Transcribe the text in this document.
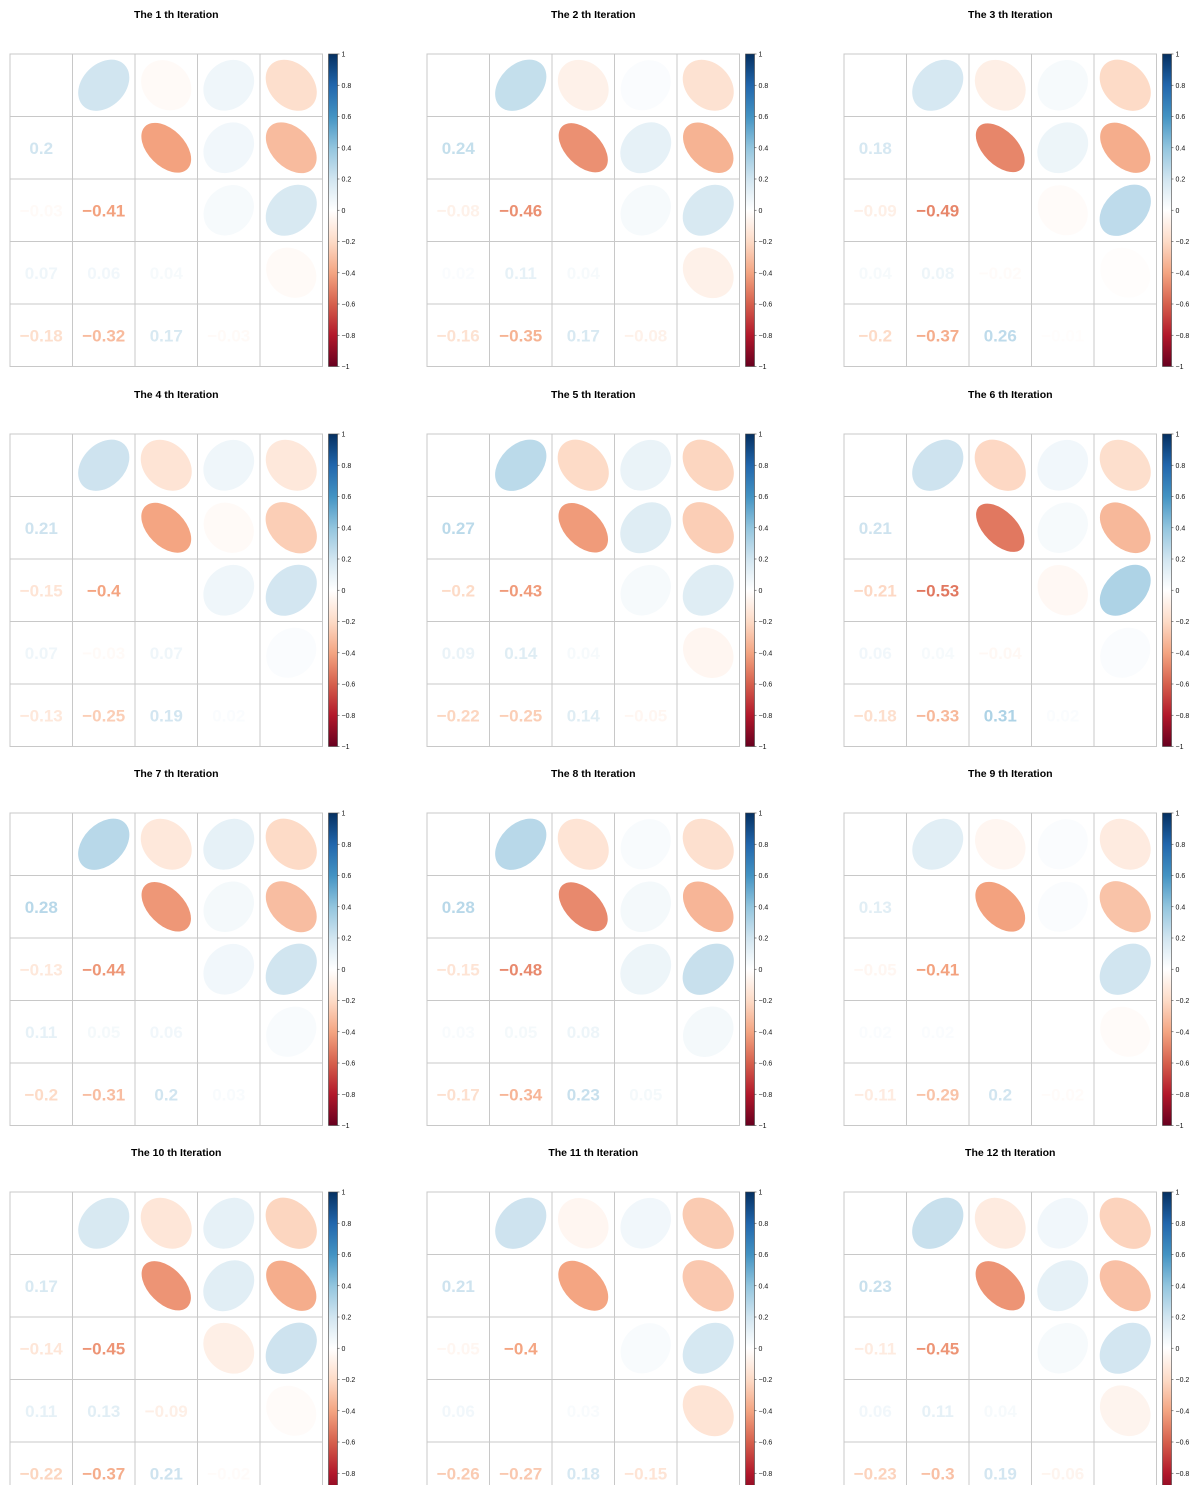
The 1 th Iteration
0.2
−0.03 −0.41
0.07 0.06 0.04
−0.18 −0.32 0.17 −0.03
1
0.8
0.6
0.4
0.2
0
−0.2
−0.4
−0.6
−0.8
−1
The 2 th Iteration
0.24
−0.08 −0.46
0.02 0.11 0.04
−0.16 −0.35 0.17 −0.08
1
0.8
0.6
0.4
0.2
0
−0.2
−0.4
−0.6
−0.8
−1
The 3 th Iteration
0.18
−0.09 −0.49
0.04 0.08 −0.02
−0.2 −0.37 0.26 −0.01
1
0.8
0.6
0.4
0.2
0
−0.2
−0.4
−0.6
−0.8
−1
The 4 th Iteration
0.21
−0.15 −0.4
0.07 −0.03 0.07
−0.13 −0.25 0.19 0.02
1
0.8
0.6
0.4
0.2
0
−0.2
−0.4
−0.6
−0.8
−1
The 5 th Iteration
0.27
−0.2 −0.43
0.09 0.14 0.04
−0.22 −0.25 0.14 −0.05
1
0.8
0.6
0.4
0.2
0
−0.2
−0.4
−0.6
−0.8
−1
The 6 th Iteration
0.21
−0.21 −0.53
0.06 0.04 −0.04
−0.18 −0.33 0.31 0.02
1
0.8
0.6
0.4
0.2
0
−0.2
−0.4
−0.6
−0.8
−1
The 7 th Iteration
0.28
−0.13 −0.44
0.11 0.05 0.06
−0.2 −0.31 0.2 0.03
1
0.8
0.6
0.4
0.2
0
−0.2
−0.4
−0.6
−0.8
−1
The 8 th Iteration
0.28
−0.15 −0.48
0.03 0.05 0.08
−0.17 −0.34 0.23 0.05
1
0.8
0.6
0.4
0.2
0
−0.2
−0.4
−0.6
−0.8
−1
The 9 th Iteration
0.13
−0.05 −0.41
0.02 0.02 0
−0.11 −0.29 0.2 −0.02
1
0.8
0.6
0.4
0.2
0
−0.2
−0.4
−0.6
−0.8
−1
The 10 th Iteration
0.17
−0.14 −0.45
0.11 0.13 −0.09
−0.22 −0.37 0.21 −0.02
1
0.8
0.6
0.4
0.2
0
−0.2
−0.4
−0.6
−0.8
The 11 th Iteration
0.21
−0.05 −0.4
0.06 0 0.03
−0.26 −0.27 0.18 −0.15
1
0.8
0.6
0.4
0.2
0
−0.2
−0.4
−0.6
−0.8
The 12 th Iteration
0.23
−0.11 −0.45
0.06 0.11 0.04
−0.23 −0.3 0.19 −0.06
1
0.8
0.6
0.4
0.2
0
−0.2
−0.4
−0.6
−0.8
